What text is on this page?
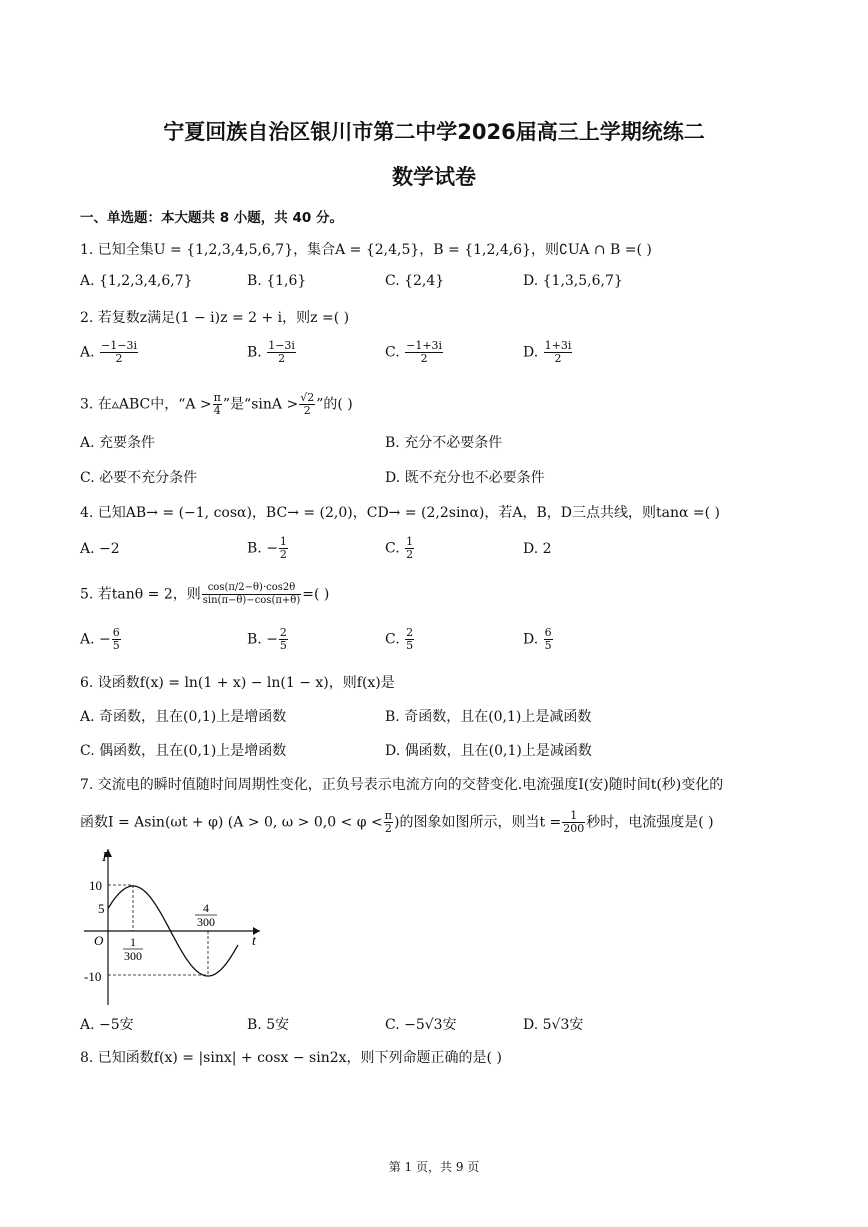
宁夏回族自治区银川市第二中学2026届高三上学期统练二
数学试卷
一、单选题：本大题共 8 小题，共 40 分。
1. 已知全集U = {1,2,3,4,5,6,7}，集合A = {2,4,5}，B = {1,2,4,6}，则∁UA ∩ B =( )
A. {1,2,3,4,6,7}	B. {1,6}	C. {2,4}	D. {1,3,5,6,7}
2. 若复数z满足(1 − i)z = 2 + i，则z =( )
A. $\frac{-1-3i}{2}$	B. $\frac{1-3i}{2}$	C. $\frac{-1+3i}{2}$	D. $\frac{1+3i}{2}$
3. 在▵ABC中，“$A > \frac{\pi}{4}$ ”是“$\sin A > \frac{√2}{2}$ ”的( )
A. 充要条件	B. 充分不必要条件
C. 必要不充分条件	D. 既不充分也不必要条件
4. 已知AB→ = (−1, cosα)，BC→ = (2,0)，CD→ = (2,2sinα)，若A，B，D三点共线，则tanα =( )
A. −2	B. − $\frac{1}{2}$	C. $\frac{1}{2}$	D. 2
5. 若tanθ = 2，则 $\frac{\cos(\pi/2-\theta)\cdot\cos 2\theta}{\sin(\pi-\theta)-\cos(\pi+\theta)}$ =( )
A. − $\frac{6}{5}$	B. − $\frac{2}{5}$	C. $\frac{2}{5}$	D. $\frac{6}{5}$
6. 设函数f(x) = ln(1 + x) − ln(1 − x)，则f(x)是
A. 奇函数，且在(0,1)上是增函数	B. 奇函数，且在(0,1)上是减函数
C. 偶函数，且在(0,1)上是增函数	D. 偶函数，且在(0,1)上是减函数
7. 交流电的瞬时值随时间周期性变化，正负号表示电流方向的交替变化.电流强度I(安)随时间t(秒)变化的
函数I = Asin(ωt + φ) (A > 0, $\omega > 0,0 < \varphi < \frac{\pi}{2}$ )的图象如图所示，则当$t = \frac{1}{200}$ 秒时，电流强度是( )
I
t
O
10
5
-10
1
300
4
300
A. −5安	B. 5安	C. −5√3安	D. 5√3安
8. 已知函数f(x) = |sinx| + cosx − sin2x，则下列命题正确的是( )
第 1 页，共 9 页
